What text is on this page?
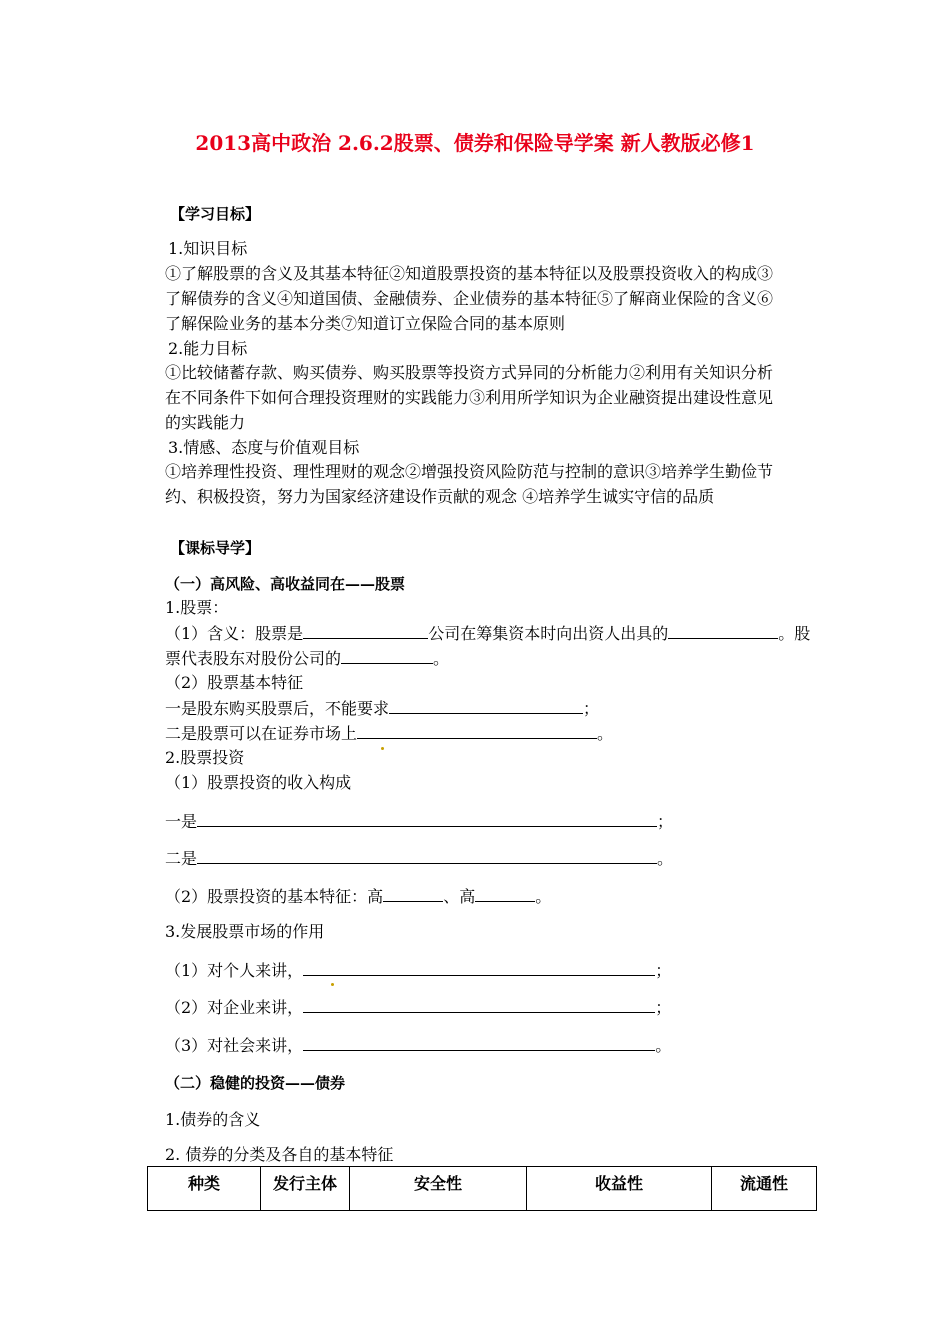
2013高中政治 2.6.2股票、债券和保险导学案 新人教版必修1
【学习目标】
1.知识目标
①了解股票的含义及其基本特征②知道股票投资的基本特征以及股票投资收入的构成③
了解债券的含义④知道国债、金融债券、企业债券的基本特征⑤了解商业保险的含义⑥
了解保险业务的基本分类⑦知道订立保险合同的基本原则
2.能力目标
①比较储蓄存款、购买债券、购买股票等投资方式异同的分析能力②利用有关知识分析
在不同条件下如何合理投资理财的实践能力③利用所学知识为企业融资提出建设性意见
的实践能力
3.情感、态度与价值观目标
①培养理性投资、理性理财的观念②增强投资风险防范与控制的意识③培养学生勤俭节
约、积极投资，努力为国家经济建设作贡献的观念 ④培养学生诚实守信的品质
【课标导学】
（一）高风险、高收益同在——股票
1.股票：
（1）含义：股票是	公司在筹集资本时向出资人出具的	。股
票代表股东对股份公司的	。
（2）股票基本特征
一是股东购买股票后，不能要求	；
二是股票可以在证券市场上	。

2.股票投资
（1）股票投资的收入构成
一是	；
二是	。
（2）股票投资的基本特征：高	、高	。
3.发展股票市场的作用
（1）对个人来讲，	；
（2）对企业来讲，	；
（3）对社会来讲，	。
（二）稳健的投资——债券
1.债券的含义
2. 债券的分类及各自的基本特征
种类	发行主体	安全性	收益性	流通性
